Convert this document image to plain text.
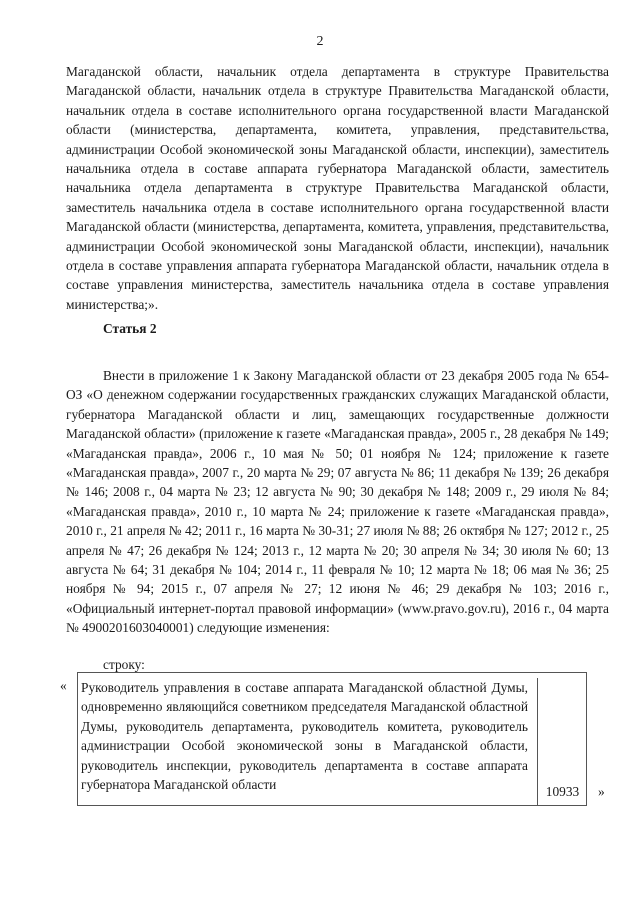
2

Магаданской области, начальник отдела департамента в структуре Правительства Магаданской области, начальник отдела в структуре Правительства Магаданской области, начальник отдела в составе исполнительного органа государственной власти Магаданской области (министерства, департамента, комитета, управления, представительства, администрации Особой экономической зоны Магаданской области, инспекции), заместитель начальника отдела в составе аппарата губернатора Магаданской области, заместитель начальника отдела департамента в структуре Правительства Магаданской области, заместитель начальника отдела в составе исполнительного органа государственной власти Магаданской области (министерства, департамента, комитета, управления, представительства, администрации Особой экономической зоны Магаданской области, инспекции), начальник отдела в составе управления аппарата губернатора Магаданской области, начальник отдела в составе управления министерства, заместитель начальника отдела в составе управления министерства;».

Статья 2

Внести в приложение 1 к Закону Магаданской области от 23 декабря 2005 года № 654-ОЗ «О денежном содержании государственных гражданских служащих Магаданской области, губернатора Магаданской области и лиц, замещающих государственные должности Магаданской области» (приложение к газете «Магаданская правда», 2005 г., 28 декабря № 149; «Магаданская правда», 2006 г., 10 мая № 50; 01 ноября № 124; приложение к газете «Магаданская правда», 2007 г., 20 марта № 29; 07 августа № 86; 11 декабря № 139; 26 декабря № 146; 2008 г., 04 марта № 23; 12 августа № 90; 30 декабря № 148; 2009 г., 29 июля № 84; «Магаданская правда», 2010 г., 10 марта № 24; приложение к газете «Магаданская правда», 2010 г., 21 апреля № 42; 2011 г., 16 марта № 30-31; 27 июля № 88; 26 октября № 127; 2012 г., 25 апреля № 47; 26 декабря № 124; 2013 г., 12 марта № 20; 30 апреля № 34; 30 июля № 60; 13 августа № 64; 31 декабря № 104; 2014 г., 11 февраля № 10; 12 марта № 18; 06 мая № 36; 25 ноября № 94; 2015 г., 07 апреля № 27; 12 июня № 46; 29 декабря № 103; 2016 г., «Официальный интернет-портал правовой информации» (www.pravo.gov.ru), 2016 г., 04 марта № 4900201603040001) следующие изменения:

строку:

« Руководитель управления в составе аппарата Магаданской областной Думы, одновременно являющийся советником председателя Магаданской областной Думы, руководитель департамента, руководитель комитета, руководитель администрации Особой экономической зоны в Магаданской области, руководитель инспекции, руководитель департамента в составе аппарата губернатора Магаданской области	10933	»
